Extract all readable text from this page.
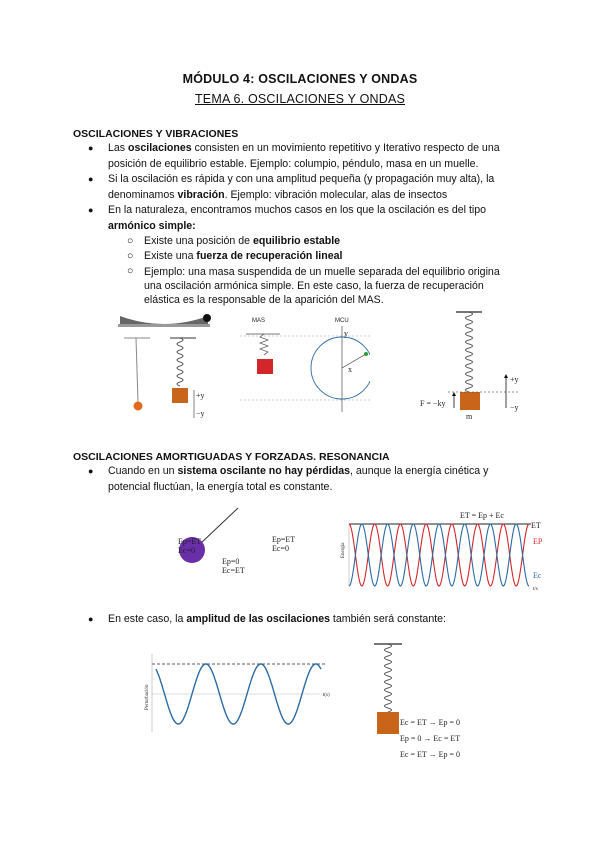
MÓDULO 4: OSCILACIONES Y ONDAS
TEMA 6. OSCILACIONES Y ONDAS
OSCILACIONES Y VIBRACIONES
● Las oscilaciones consisten en un movimiento repetitivo y Iterativo respecto de una
posición de equilibrio estable. Ejemplo: columpio, péndulo, masa en un muelle.
● Si la oscilación es rápida y con una amplitud pequeña (y propagación muy alta), la
denominamos vibración. Ejemplo: vibración molecular, alas de insectos
● En la naturaleza, encontramos muchos casos en los que la oscilación es del tipo
armónico simple:
○ Existe una posición de equilibrio estable
○ Existe una fuerza de recuperación lineal
○ Ejemplo: una masa suspendida de un muelle separada del equilibrio origina
una oscilación armónica simple. En este caso, la fuerza de recuperación
elástica es la responsable de la aparición del MAS.
+y
−y
MAS	MCU
y
x
+y
−y
F = −ky
m
OSCILACIONES AMORTIGUADAS Y FORZADAS. RESONANCIA
● Cuando en un sistema oscilante no hay pérdidas, aunque la energía cinética y
potencial fluctúan, la energía total es constante.
Ep=ET
Ec=0
Ep=ET
Ec=0
Ep=0
Ec=ET
ET = Ep + Ec
ET
EP
Ec
t/s
Energía
● En este caso, la amplitud de las oscilaciones también será constante:
t(s)
Perturbación
Ec = ET → Ep = 0
Ep = 0 → Ec = ET
Ec = ET → Ep = 0
